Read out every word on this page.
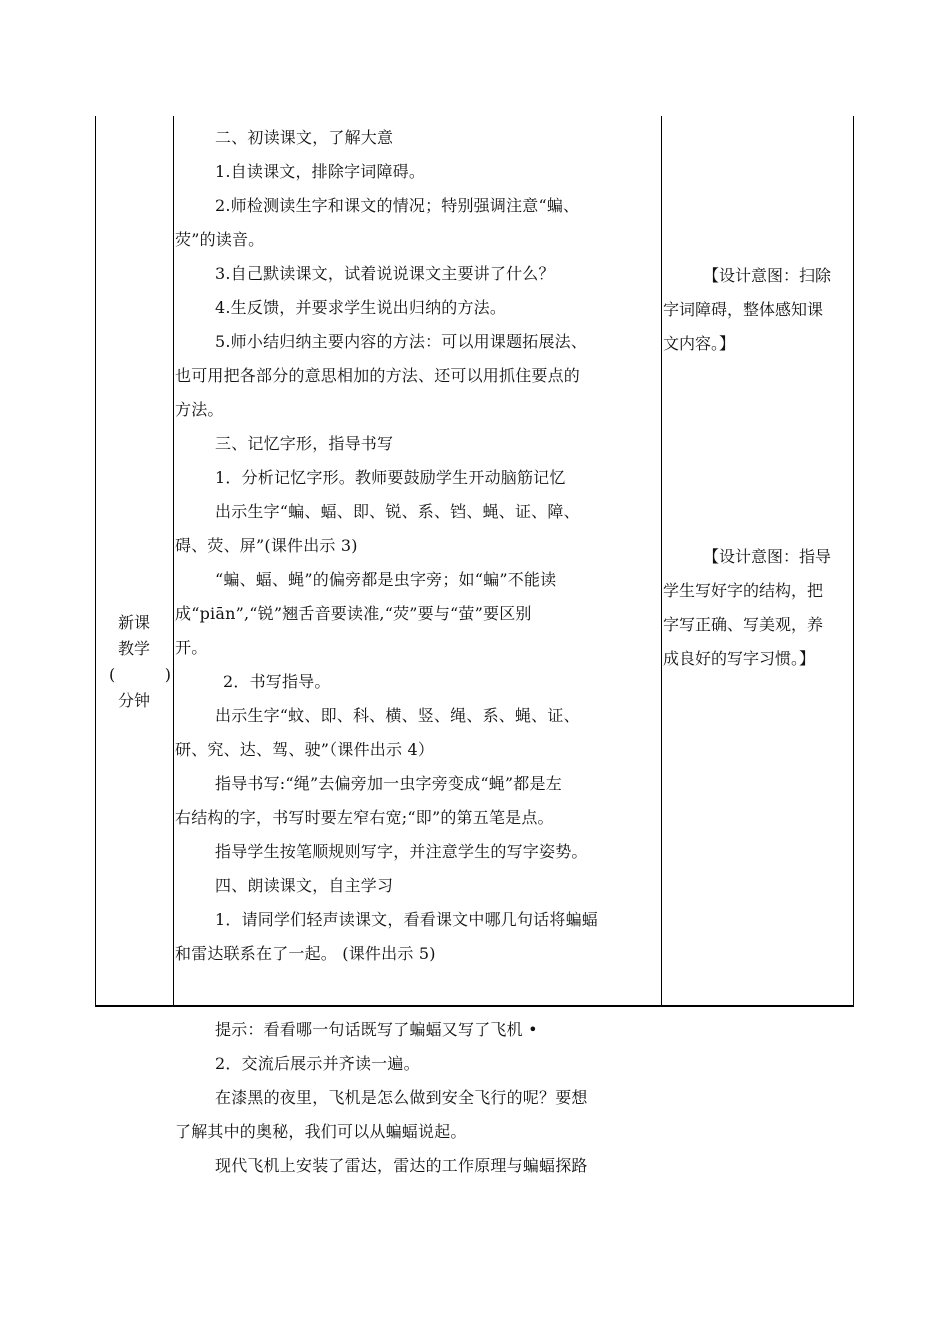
新课
教学
(	)
分钟

二、初读课文，了解大意

1.自读课文，排除字词障碍。

2.师检测读生字和课文的情况；特别强调注意“蝙、

荧”的读音。

3.自己默读课文，试着说说课文主要讲了什么？

4.生反馈，并要求学生说出归纳的方法。

5.师小结归纳主要内容的方法：可以用课题拓展法、

也可用把各部分的意思相加的方法、还可以用抓住要点的

方法。

三、记忆字形，指导书写

1．分析记忆字形。教师要鼓励学生开动脑筋记忆

出示生字“蝙、蝠、即、锐、系、铛、蝇、证、障、

碍、荧、屏”(课件出示 3)

“蝙、蝠、蝇”的偏旁都是虫字旁；如“蝙”不能读

成“piān”,“锐”翘舌音要读准,“荧”要与“萤”要区别

开。

2．书写指导。

出示生字“蚊、即、科、横、竖、绳、系、蝇、证、

研、究、达、驾、驶”（课件出示 4）

指导书写:“绳”去偏旁加一虫字旁变成“蝇”都是左

右结构的字，书写时要左窄右宽;“即”的第五笔是点。

指导学生按笔顺规则写字，并注意学生的写字姿势。

四、朗读课文，自主学习

1．请同学们轻声读课文，看看课文中哪几句话将蝙蝠

和雷达联系在了一起。 (课件出示 5)

提示：看看哪一句话既写了蝙蝠又写了飞机 •

2．交流后展示并齐读一遍。

在漆黑的夜里，飞机是怎么做到安全飞行的呢？要想

了解其中的奥秘，我们可以从蝙蝠说起。

现代飞机上安装了雷达，雷达的工作原理与蝙蝠探路

【设计意图：扫除

字词障碍，整体感知课

文内容。】

【设计意图：指导

学生写好字的结构，把

字写正确、写美观，养

成良好的写字习惯。】
